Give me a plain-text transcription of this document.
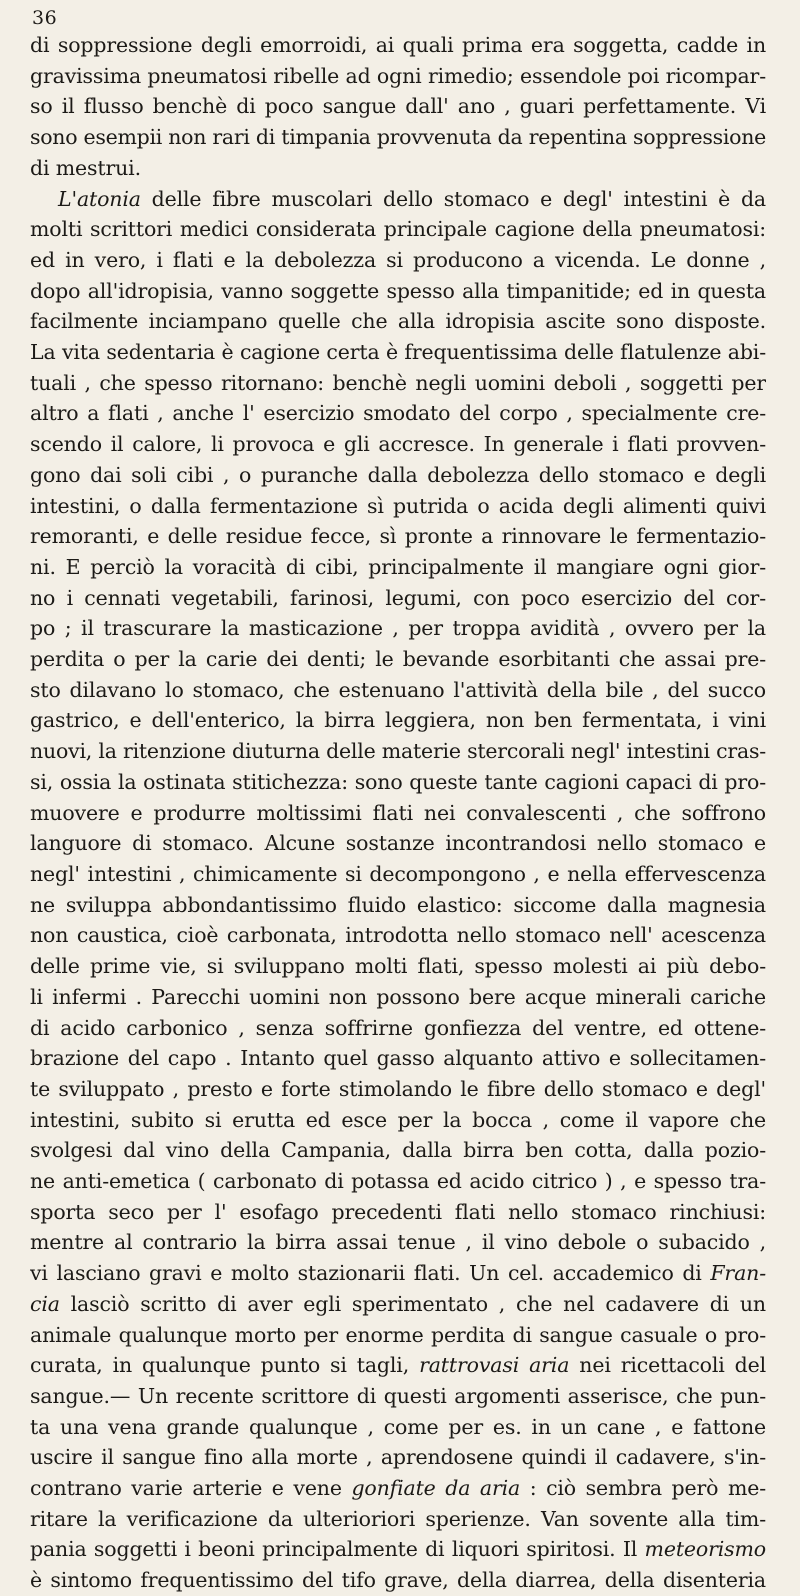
36
di soppressione degli emorroidi, ai quali prima era soggetta, cadde in
gravissima pneumatosi ribelle ad ogni rimedio; essendole poi ricompar-
so il flusso benchè di poco sangue dall' ano , guari perfettamente. Vi
sono esempii non rari di timpania provvenuta da repentina soppressione
di mestrui.
L'atonia delle fibre muscolari dello stomaco e degl' intestini è da
molti scrittori medici considerata principale cagione della pneumatosi:
ed in vero, i flati e la debolezza si producono a vicenda. Le donne ,
dopo all'idropisia, vanno soggette spesso alla timpanitide; ed in questa
facilmente inciampano quelle che alla idropisia ascite sono disposte.
La vita sedentaria è cagione certa è frequentissima delle flatulenze abi-
tuali , che spesso ritornano: benchè negli uomini deboli , soggetti per
altro a flati , anche l' esercizio smodato del corpo , specialmente cre-
scendo il calore, li provoca e gli accresce. In generale i flati provven-
gono dai soli cibi , o puranche dalla debolezza dello stomaco e degli
intestini, o dalla fermentazione sì putrida o acida degli alimenti quivi
remoranti, e delle residue fecce, sì pronte a rinnovare le fermentazio-
ni. E perciò la voracità di cibi, principalmente il mangiare ogni gior-
no i cennati vegetabili, farinosi, legumi, con poco esercizio del cor-
po ; il trascurare la masticazione , per troppa avidità , ovvero per la
perdita o per la carie dei denti; le bevande esorbitanti che assai pre-
sto dilavano lo stomaco, che estenuano l'attività della bile , del succo
gastrico, e dell'enterico, la birra leggiera, non ben fermentata, i vini
nuovi, la ritenzione diuturna delle materie stercorali negl' intestini cras-
si, ossia la ostinata stitichezza: sono queste tante cagioni capaci di pro-
muovere e produrre moltissimi flati nei convalescenti , che soffrono
languore di stomaco. Alcune sostanze incontrandosi nello stomaco e
negl' intestini , chimicamente si decompongono , e nella effervescenza
ne sviluppa abbondantissimo fluido elastico: siccome dalla magnesia
non caustica, cioè carbonata, introdotta nello stomaco nell' acescenza
delle prime vie, si sviluppano molti flati, spesso molesti ai più debo-
li infermi . Parecchi uomini non possono bere acque minerali cariche
di acido carbonico , senza soffrirne gonfiezza del ventre, ed ottene-
brazione del capo . Intanto quel gasso alquanto attivo e sollecitamen-
te sviluppato , presto e forte stimolando le fibre dello stomaco e degl'
intestini, subito si erutta ed esce per la bocca , come il vapore che
svolgesi dal vino della Campania, dalla birra ben cotta, dalla pozio-
ne anti-emetica ( carbonato di potassa ed acido citrico ) , e spesso tra-
sporta seco per l' esofago precedenti flati nello stomaco rinchiusi:
mentre al contrario la birra assai tenue , il vino debole o subacido ,
vi lasciano gravi e molto stazionarii flati. Un cel. accademico di Fran-
cia lasciò scritto di aver egli sperimentato , che nel cadavere di un
animale qualunque morto per enorme perdita di sangue casuale o pro-
curata, in qualunque punto si tagli, rattrovasi aria nei ricettacoli del
sangue.— Un recente scrittore di questi argomenti asserisce, che pun-
ta una vena grande qualunque , come per es. in un cane , e fattone
uscire il sangue fino alla morte , aprendosene quindi il cadavere, s'in-
contrano varie arterie e vene gonfiate da aria : ciò sembra però me-
ritare la verificazione da ulterioriori sperienze. Van sovente alla tim-
pania soggetti i beoni principalmente di liquori spiritosi. Il meteorismo
è sintomo frequentissimo del tifo grave, della diarrea, della disenteria
